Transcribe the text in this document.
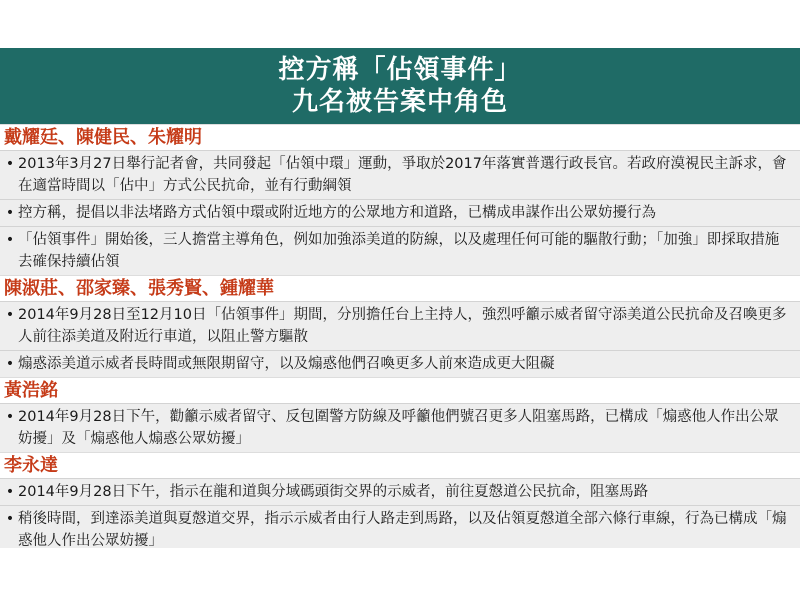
控方稱「佔領事件」
九名被告案中角色
戴耀廷、陳健民、朱耀明
• 2013年3月27日舉行記者會，共同發起「佔領中環」運動，爭取於2017年落實普選行政長官。若政府漠視民主訴求，會在適當時間以「佔中」方式公民抗命，並有行動綱領
• 控方稱，提倡以非法堵路方式佔領中環或附近地方的公眾地方和道路，已構成串謀作出公眾妨擾行為
• 「佔領事件」開始後，三人擔當主導角色，例如加強添美道的防線，以及處理任何可能的驅散行動；「加強」即採取措施去確保持續佔領
陳淑莊、邵家臻、張秀賢、鍾耀華
• 2014年9月28日至12月10日「佔領事件」期間，分別擔任台上主持人，強烈呼籲示威者留守添美道公民抗命及召喚更多人前往添美道及附近行車道，以阻止警方驅散
• 煽惑添美道示威者長時間或無限期留守，以及煽惑他們召喚更多人前來造成更大阻礙
黃浩銘
• 2014年9月28日下午，勸籲示威者留守、反包圍警方防線及呼籲他們號召更多人阻塞馬路，已構成「煽惑他人作出公眾妨擾」及「煽惑他人煽惑公眾妨擾」
李永達
• 2014年9月28日下午，指示在龍和道與分域碼頭街交界的示威者，前往夏慤道公民抗命，阻塞馬路
• 稍後時間，到達添美道與夏慤道交界，指示示威者由行人路走到馬路，以及佔領夏慤道全部六條行車線，行為已構成「煽惑他人作出公眾妨擾」
